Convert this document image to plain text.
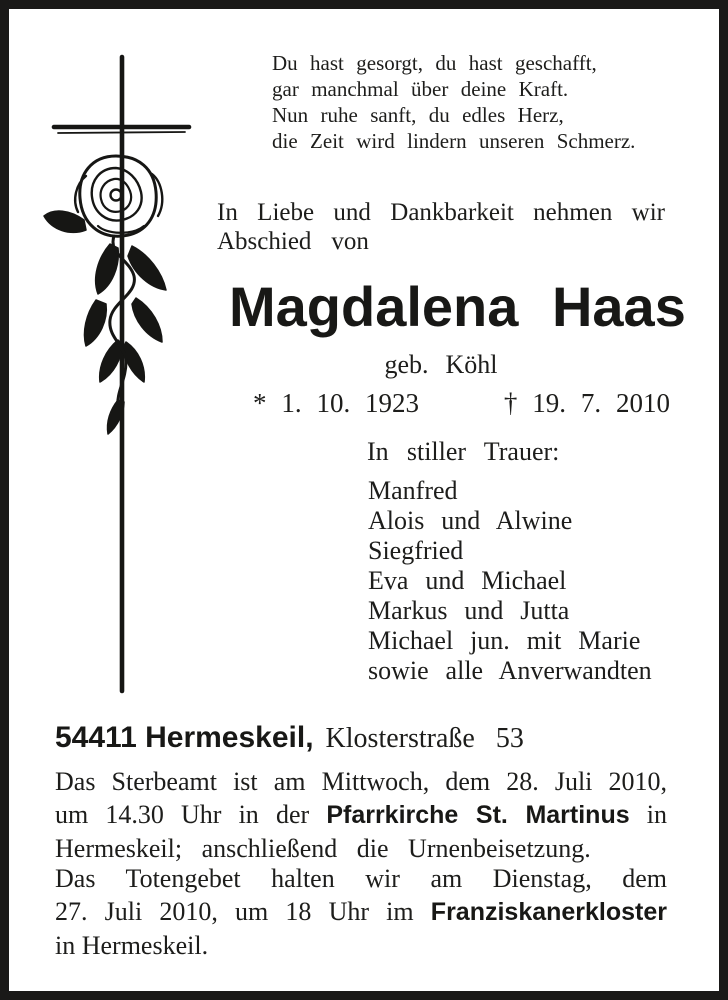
Du hast gesorgt, du hast geschafft,
gar manchmal über deine Kraft.
Nun ruhe sanft, du edles Herz,
die Zeit wird lindern unseren Schmerz.
In Liebe und Dankbarkeit nehmen wir
Abschied von
Magdalena Haas
geb. Köhl
* 1. 10. 1923	† 19. 7. 2010
In stiller Trauer:
Manfred
Alois und Alwine
Siegfried
Eva und Michael
Markus und Jutta
Michael jun. mit Marie
sowie alle Anverwandten
54411 Hermeskeil, Klosterstraße 53
Das Sterbeamt ist am Mittwoch, dem 28. Juli 2010,
um 14.30 Uhr in der Pfarrkirche St. Martinus in
Hermeskeil; anschließend die Urnenbeisetzung.
Das Totengebet halten wir am Dienstag, dem
27. Juli 2010, um 18 Uhr im Franziskanerkloster
in Hermeskeil.
